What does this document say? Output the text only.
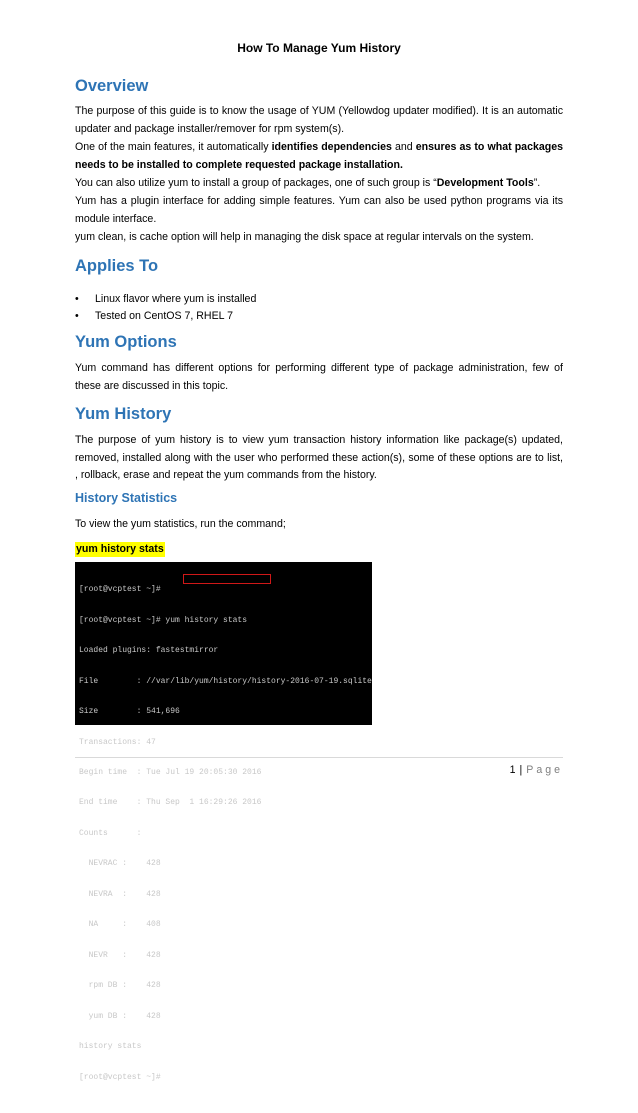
How To Manage Yum History
Overview

The purpose of this guide is to know the usage of YUM (Yellowdog updater modified). It is an automatic updater and package installer/remover for rpm system(s).

One of the main features, it automatically identifies dependencies and ensures as to what packages needs to be installed to complete requested package installation.

You can also utilize yum to install a group of packages, one of such group is “Development Tools”.

Yum has a plugin interface for adding simple features. Yum can also be used python programs via its module interface.

yum clean, is cache option will help in managing the disk space at regular intervals on the system.

Applies To
• Linux flavor where yum is installed
• Tested on CentOS 7, RHEL 7
Yum Options

Yum command has different options for performing different type of package administration, few of these are discussed in this topic.

Yum History

The purpose of yum history is to view yum transaction history information like package(s) updated, removed, installed along with the user who performed these action(s), some of these options are to list, , rollback, erase and repeat the yum commands from the history.

History Statistics

To view the yum statistics, run the command;

yum history stats

[root@vcptest ~]#

[root@vcptest ~]# yum history stats

Loaded plugins: fastestmirror

File        : //var/lib/yum/history/history-2016-07-19.sqlite

Size        : 541,696

Transactions: 47

Begin time  : Tue Jul 19 20:05:30 2016

End time    : Thu Sep  1 16:29:26 2016

Counts      :

NEVRAC :    428

NEVRA  :    428

NA     :    408

NEVR   :    428

rpm DB :    428

yum DB :    428

history stats

[root@vcptest ~]#

1 | Page
